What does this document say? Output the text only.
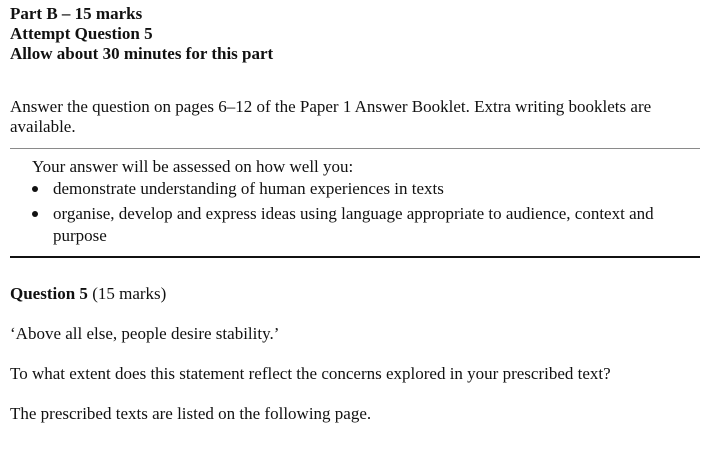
Part B – 15 marks

Attempt Question 5

Allow about 30 minutes for this part

Answer the question on pages 6–12 of the Paper 1 Answer Booklet. Extra writing booklets are available.
Your answer will be assessed on how well you:
demonstrate understanding of human experiences in texts
organise, develop and express ideas using language appropriate to audience, context and purpose
Question 5 (15 marks)
‘Above all else, people desire stability.’
To what extent does this statement reflect the concerns explored in your prescribed text?
The prescribed texts are listed on the following page.
